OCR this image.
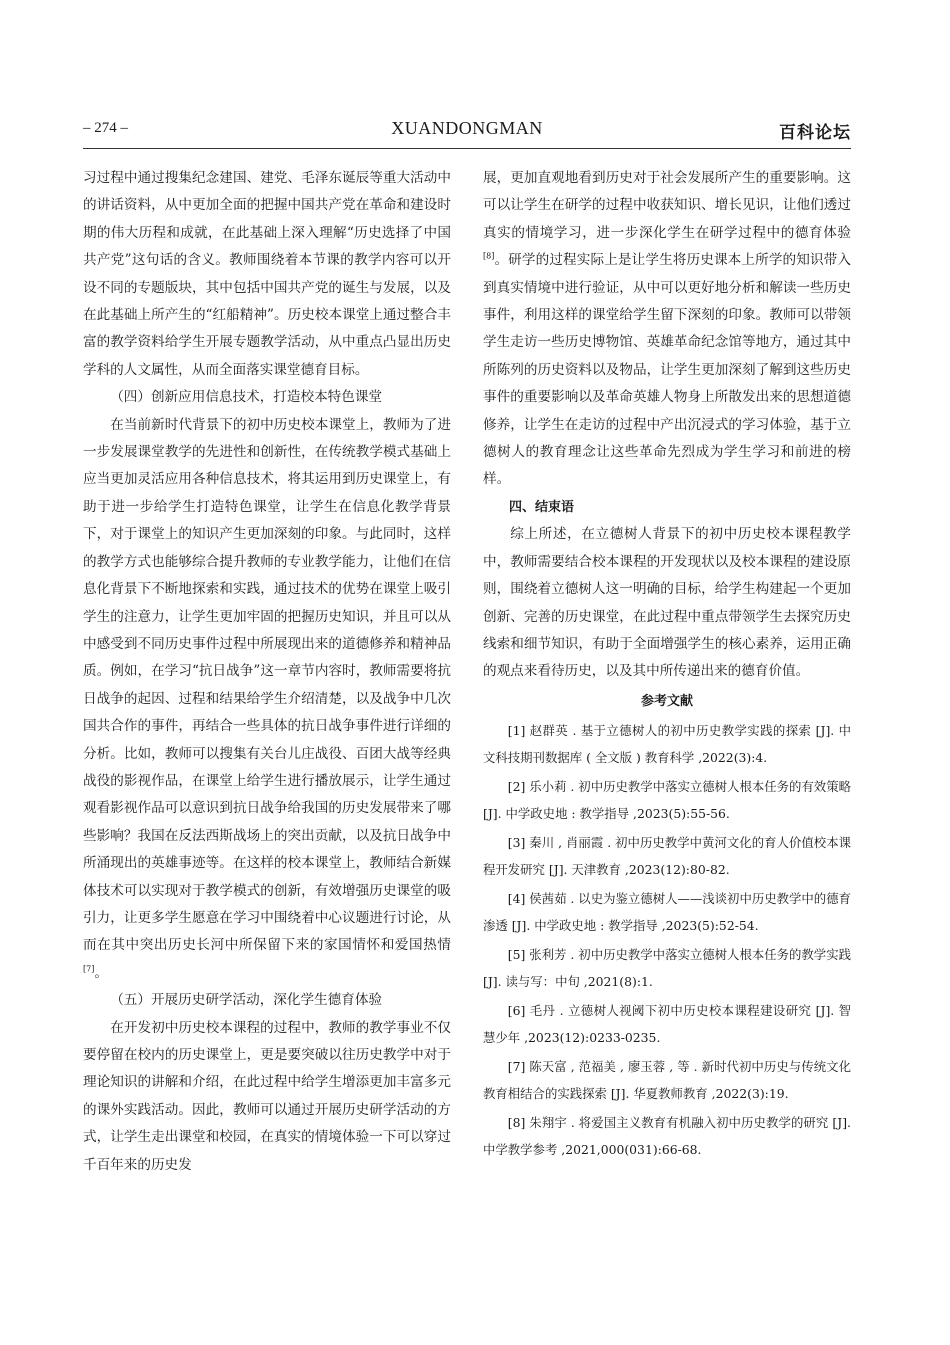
– 274 –	XUANDONGMAN	百科论坛

习过程中通过搜集纪念建国、建党、毛泽东诞辰等重大活动中的讲话资料，从中更加全面的把握中国共产党在革命和建设时期的伟大历程和成就，在此基础上深入理解“历史选择了中国共产党”这句话的含义。教师围绕着本节课的教学内容可以开设不同的专题版块，其中包括中国共产党的诞生与发展，以及在此基础上所产生的“红船精神”。历史校本课堂上通过整合丰富的教学资料给学生开展专题教学活动，从中重点凸显出历史学科的人文属性，从而全面落实课堂德育目标。

（四）创新应用信息技术，打造校本特色课堂

在当前新时代背景下的初中历史校本课堂上，教师为了进一步发展课堂教学的先进性和创新性，在传统教学模式基础上应当更加灵活应用各种信息技术，将其运用到历史课堂上，有助于进一步给学生打造特色课堂，让学生在信息化教学背景下，对于课堂上的知识产生更加深刻的印象。与此同时，这样的教学方式也能够综合提升教师的专业教学能力，让他们在信息化背景下不断地探索和实践，通过技术的优势在课堂上吸引学生的注意力，让学生更加牢固的把握历史知识，并且可以从中感受到不同历史事件过程中所展现出来的道德修养和精神品质。例如，在学习“抗日战争”这一章节内容时，教师需要将抗日战争的起因、过程和结果给学生介绍清楚，以及战争中几次国共合作的事件，再结合一些具体的抗日战争事件进行详细的分析。比如，教师可以搜集有关台儿庄战役、百团大战等经典战役的影视作品，在课堂上给学生进行播放展示，让学生通过观看影视作品可以意识到抗日战争给我国的历史发展带来了哪些影响？我国在反法西斯战场上的突出贡献，以及抗日战争中所涌现出的英雄事迹等。在这样的校本课堂上，教师结合新媒体技术可以实现对于教学模式的创新，有效增强历史课堂的吸引力，让更多学生愿意在学习中围绕着中心议题进行讨论，从而在其中突出历史长河中所保留下来的家国情怀和爱国热情[7]。

（五）开展历史研学活动，深化学生德育体验

在开发初中历史校本课程的过程中，教师的教学事业不仅要停留在校内的历史课堂上，更是要突破以往历史教学中对于理论知识的讲解和介绍，在此过程中给学生增添更加丰富多元的课外实践活动。因此，教师可以通过开展历史研学活动的方式，让学生走出课堂和校园，在真实的情境体验一下可以穿过千百年来的历史发

展，更加直观地看到历史对于社会发展所产生的重要影响。这可以让学生在研学的过程中收获知识、增长见识，让他们透过真实的情境学习，进一步深化学生在研学过程中的德育体验[8]。研学的过程实际上是让学生将历史课本上所学的知识带入到真实情境中进行验证，从中可以更好地分析和解读一些历史事件，利用这样的课堂给学生留下深刻的印象。教师可以带领学生走访一些历史博物馆、英雄革命纪念馆等地方，通过其中所陈列的历史资料以及物品，让学生更加深刻了解到这些历史事件的重要影响以及革命英雄人物身上所散发出来的思想道德修养，让学生在走访的过程中产出沉浸式的学习体验，基于立德树人的教育理念让这些革命先烈成为学生学习和前进的榜样。

四、结束语

综上所述，在立德树人背景下的初中历史校本课程教学中，教师需要结合校本课程的开发现状以及校本课程的建设原则，围绕着立德树人这一明确的目标，给学生构建起一个更加创新、完善的历史课堂，在此过程中重点带领学生去探究历史线索和细节知识，有助于全面增强学生的核心素养，运用正确的观点来看待历史，以及其中所传递出来的德育价值。

参考文献

[1] 赵群英 . 基于立德树人的初中历史教学实践的探索 [J]. 中文科技期刊数据库 ( 全文版 ) 教育科学 ,2022(3):4.

[2] 乐小莉 . 初中历史教学中落实立德树人根本任务的有效策略 [J]. 中学政史地 : 教学指导 ,2023(5):55-56.

[3] 秦川 , 肖丽霞 . 初中历史教学中黄河文化的育人价值校本课程开发研究 [J]. 天津教育 ,2023(12):80-82.

[4] 侯茜茹 . 以史为鉴立德树人——浅谈初中历史教学中的德育渗透 [J]. 中学政史地 : 教学指导 ,2023(5):52-54.

[5] 张利芳 . 初中历史教学中落实立德树人根本任务的教学实践 [J]. 读与写：中旬 ,2021(8):1.

[6] 毛丹 . 立德树人视阈下初中历史校本课程建设研究 [J]. 智慧少年 ,2023(12):0233-0235.

[7] 陈天富 , 范福美 , 廖玉蓉 , 等 . 新时代初中历史与传统文化教育相结合的实践探索 [J]. 华夏教师教育 ,2022(3):19.

[8] 朱翔宇 . 将爱国主义教育有机融入初中历史教学的研究 [J]. 中学教学参考 ,2021,000(031):66-68.
